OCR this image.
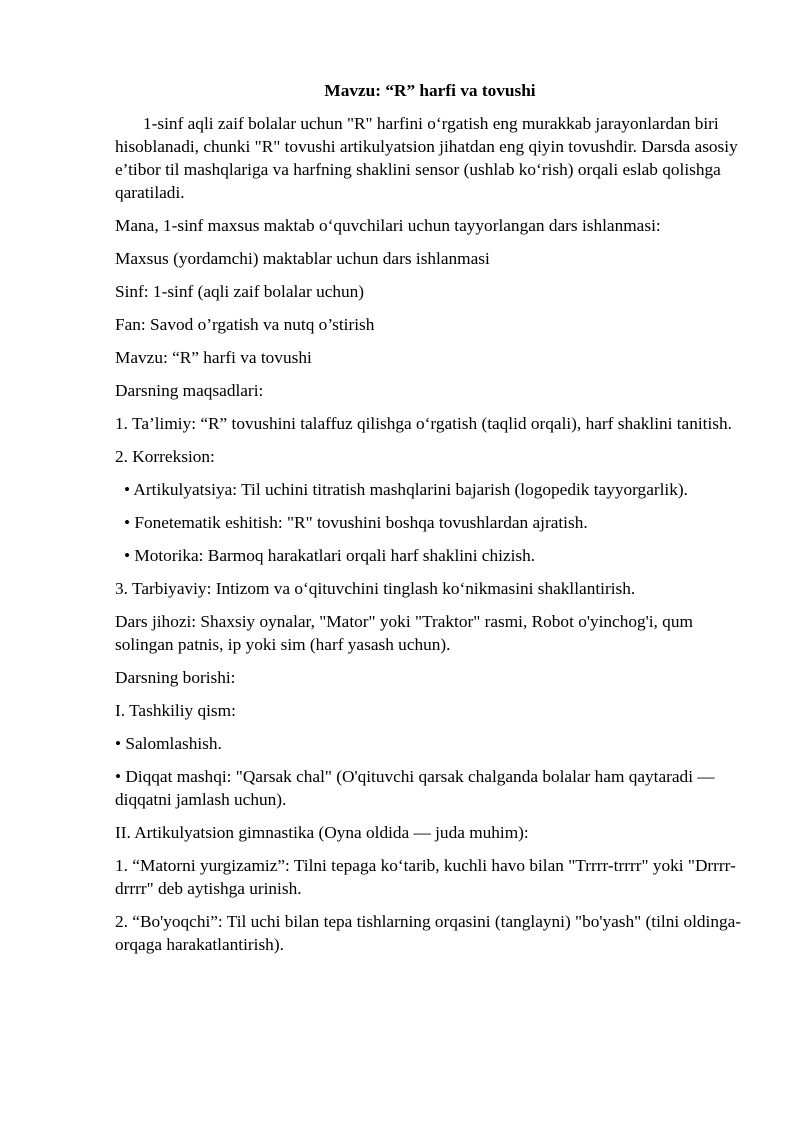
Mavzu: “R” harfi va tovushi
1-sinf aqli zaif bolalar uchun "R" harfini o‘rgatish eng murakkab jarayonlardan biri hisoblanadi, chunki "R" tovushi artikulyatsion jihatdan eng qiyin tovushdir. Darsda asosiy e’tibor til mashqlariga va harfning shaklini sensor (ushlab ko‘rish) orqali eslab qolishga qaratiladi.
Mana, 1-sinf maxsus maktab o‘quvchilari uchun tayyorlangan dars ishlanmasi:
Maxsus (yordamchi) maktablar uchun dars ishlanmasi
Sinf: 1-sinf (aqli zaif bolalar uchun)
Fan: Savod o’rgatish va nutq o’stirish
Mavzu: “R” harfi va tovushi
Darsning maqsadlari:
1. Ta’limiy: “R” tovushini talaffuz qilishga o‘rgatish (taqlid orqali), harf shaklini tanitish.
2. Korreksion:
• Artikulyatsiya: Til uchini titratish mashqlarini bajarish (logopedik tayyorgarlik).
• Fonetematik eshitish: "R" tovushini boshqa tovushlardan ajratish.
• Motorika: Barmoq harakatlari orqali harf shaklini chizish.
3. Tarbiyaviy: Intizom va o‘qituvchini tinglash ko‘nikmasini shakllantirish.
Dars jihozi: Shaxsiy oynalar, "Mator" yoki "Traktor" rasmi, Robot o'yinchog'i, qum solingan patnis, ip yoki sim (harf yasash uchun).
Darsning borishi:
I. Tashkiliy qism:
• Salomlashish.
• Diqqat mashqi: "Qarsak chal" (O'qituvchi qarsak chalganda bolalar ham qaytaradi — diqqatni jamlash uchun).
II. Artikulyatsion gimnastika (Oyna oldida — juda muhim):
1. “Matorni yurgizamiz”: Tilni tepaga ko‘tarib, kuchli havo bilan "Trrrr-trrrr" yoki "Drrrr-drrrr" deb aytishga urinish.
2. “Bo'yoqchi”: Til uchi bilan tepa tishlarning orqasini (tanglayni) "bo'yash" (tilni oldinga-orqaga harakatlantirish).
